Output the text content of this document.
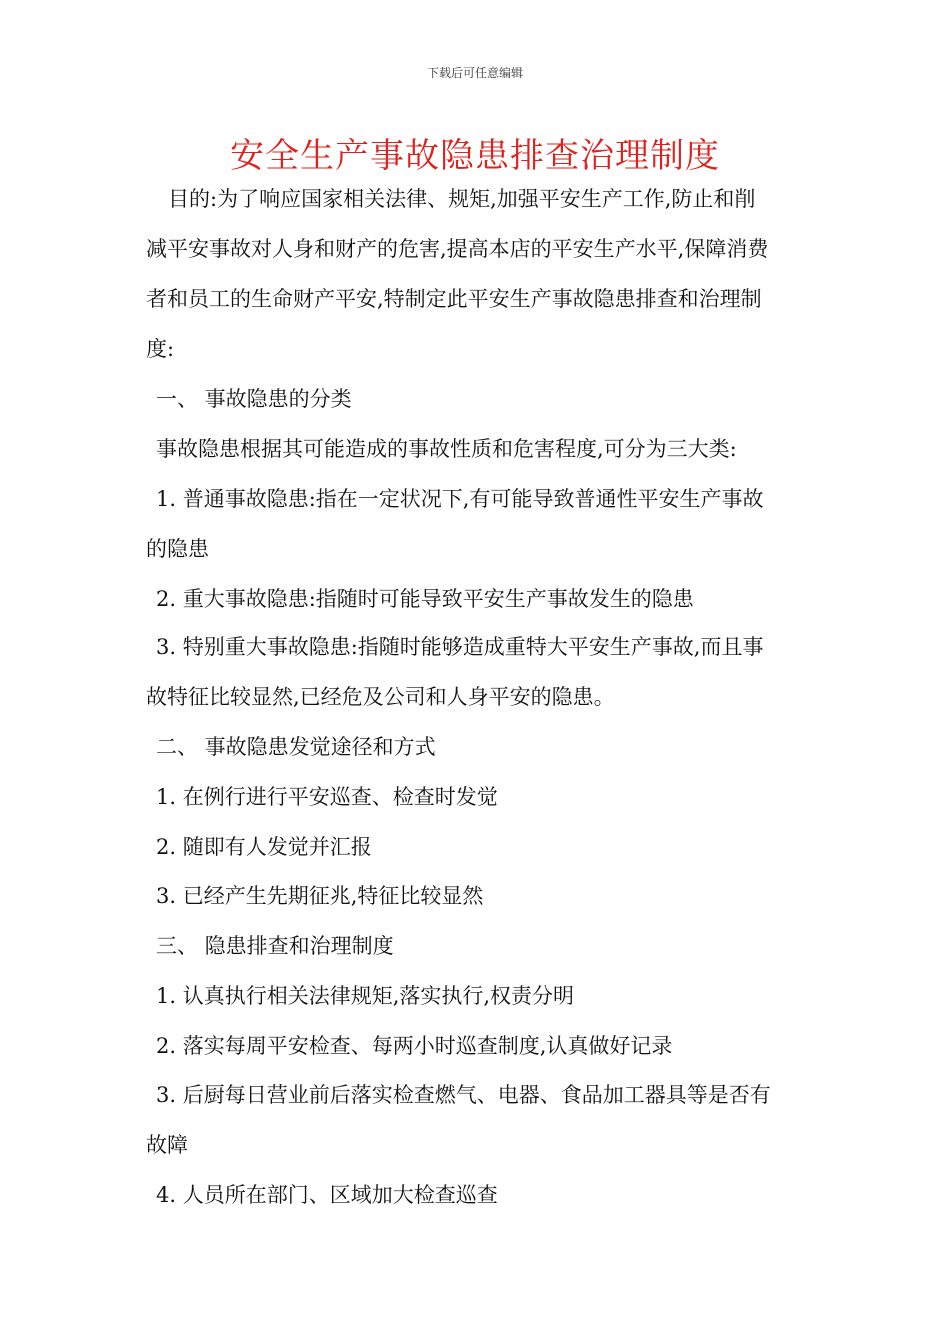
下载后可任意编辑
安全生产事故隐患排查治理制度
目的:为了响应国家相关法律、规矩,加强平安生产工作,防止和削
减平安事故对人身和财产的危害,提高本店的平安生产水平,保障消费
者和员工的生命财产平安,特制定此平安生产事故隐患排查和治理制
度:
一、 事故隐患的分类
事故隐患根据其可能造成的事故性质和危害程度,可分为三大类:
1. 普通事故隐患:指在一定状况下,有可能导致普通性平安生产事故
的隐患
2. 重大事故隐患:指随时可能导致平安生产事故发生的隐患
3. 特别重大事故隐患:指随时能够造成重特大平安生产事故,而且事
故特征比较显然,已经危及公司和人身平安的隐患。
二、 事故隐患发觉途径和方式
1. 在例行进行平安巡查、检查时发觉
2. 随即有人发觉并汇报
3. 已经产生先期征兆,特征比较显然
三、 隐患排查和治理制度
1. 认真执行相关法律规矩,落实执行,权责分明
2. 落实每周平安检查、每两小时巡查制度,认真做好记录
3. 后厨每日营业前后落实检查燃气、电器、食品加工器具等是否有
故障
4. 人员所在部门、区域加大检查巡查
